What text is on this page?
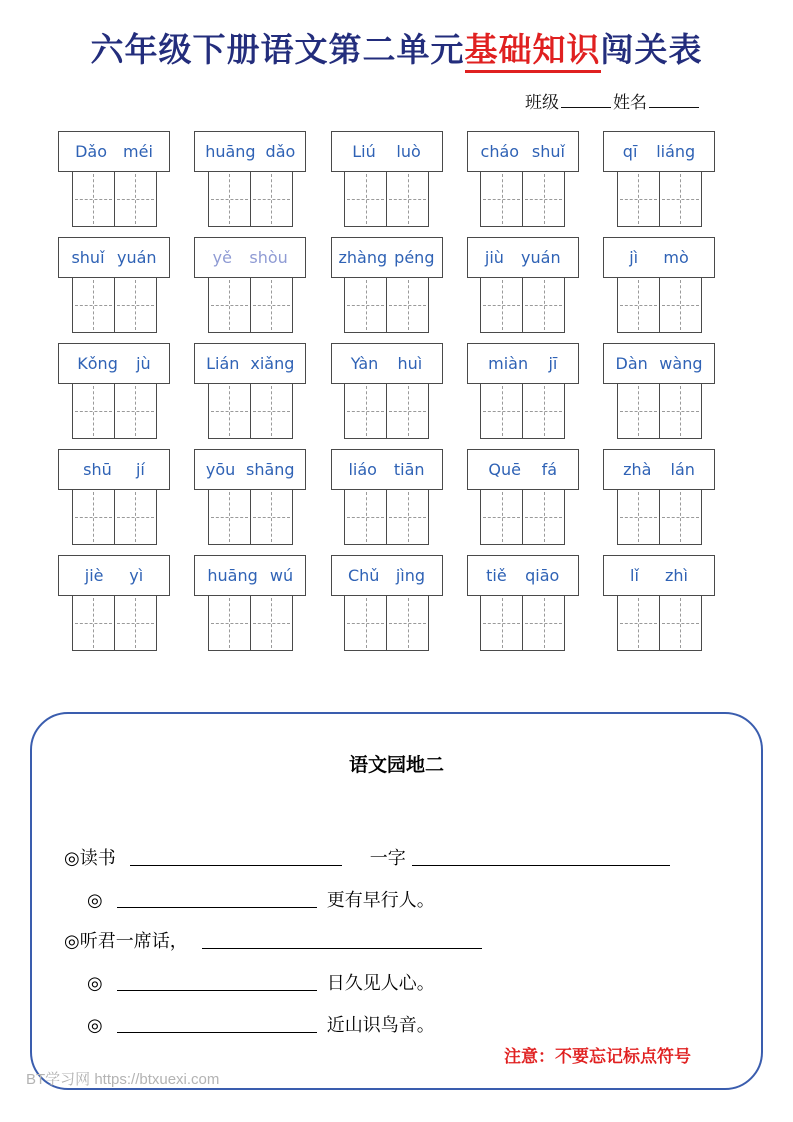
六年级下册语文第二单元基础知识闯关表
班级	姓名
Dǎo méi
shuǐ yuán
Kǒng jù
shū jí
jiè yì
huāng dǎo
yě shòu
Lián xiǎng
yōu shāng
huāng wú
Liú luò
zhàng péng
Yàn huì
liáo tiān
Chǔ jìng
cháo shuǐ
jiù yuán
miàn jī
Quē fá
tiě qiāo
qī liáng
jì mò
Dàn wàng
zhà lán
lǐ zhì
语文园地二
◎读书	一字
◎	更有早行人。
◎听君一席话，
◎	日久见人心。
◎	近山识鸟音。
注意：不要忘记标点符号
BT学习网 https://btxuexi.com
